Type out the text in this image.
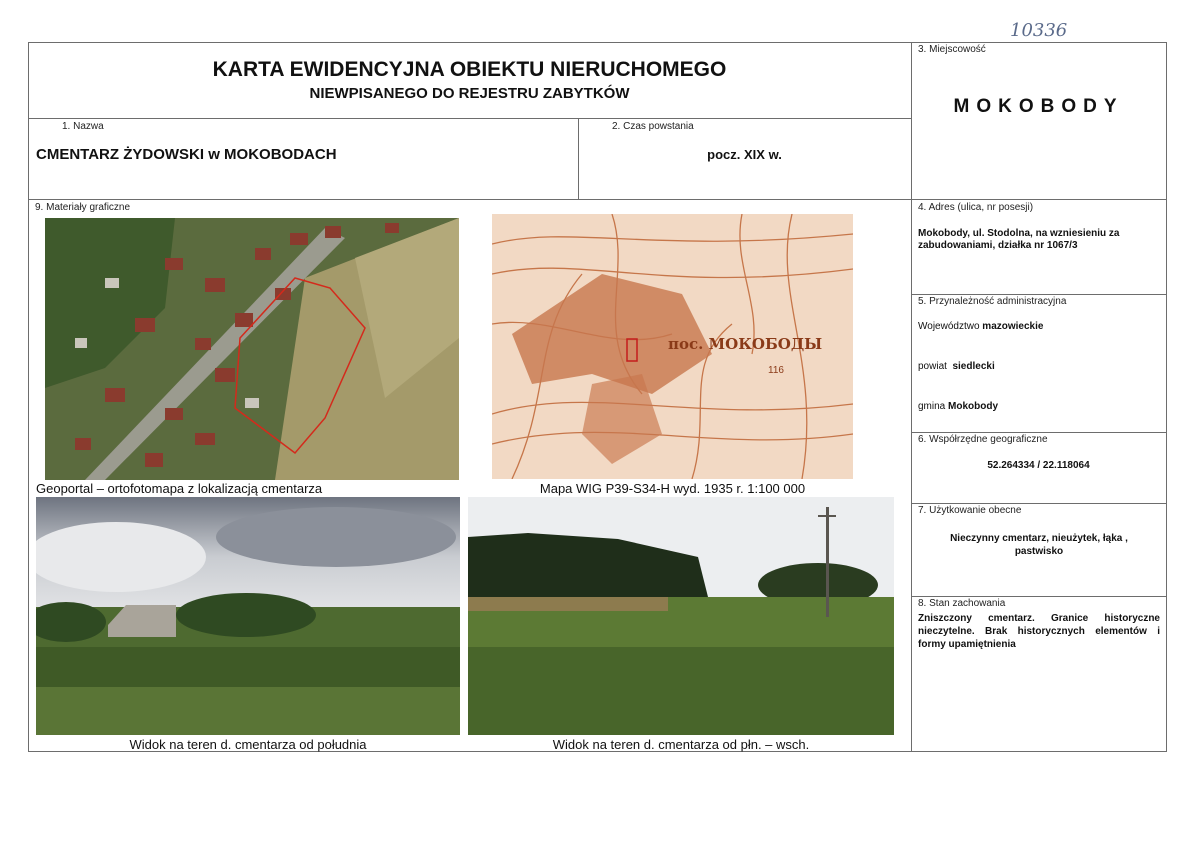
10336
KARTA EWIDENCYJNA OBIEKTU NIERUCHOMEGO
NIEWPISANEGO DO REJESTRU ZABYTKÓW
3. Miejscowość
MOKOBODY
1. Nazwa
CMENTARZ ŻYDOWSKI w MOKOBODACH
2. Czas powstania
pocz. XIX w.
9. Materiały graficzne	4. Adres (ulica, nr posesji)
Mokobody, ul. Stodolna, na wzniesieniu za zabudowaniami, działka nr 1067/3
5. Przynależność administracyjna
Województwo mazowieckie
powiat siedlecki
gmina Mokobody
6. Współrzędne geograficzne
52.264334 / 22.118064
7. Użytkowanie obecne
Nieczynny cmentarz, nieużytek, łąka , pastwisko
8. Stan zachowania
Zniszczony cmentarz. Granice historyczne nieczytelne. Brak historycznych elementów i formy upamiętnienia
Geoportal – ortofotomapa z lokalizacją cmentarza
пос. МОКОБОДЫ
116
Mapa WIG P39-S34-H wyd. 1935 r. 1:100 000
Widok na teren d. cmentarza od południa	Widok na teren d. cmentarza od płn. – wsch.
